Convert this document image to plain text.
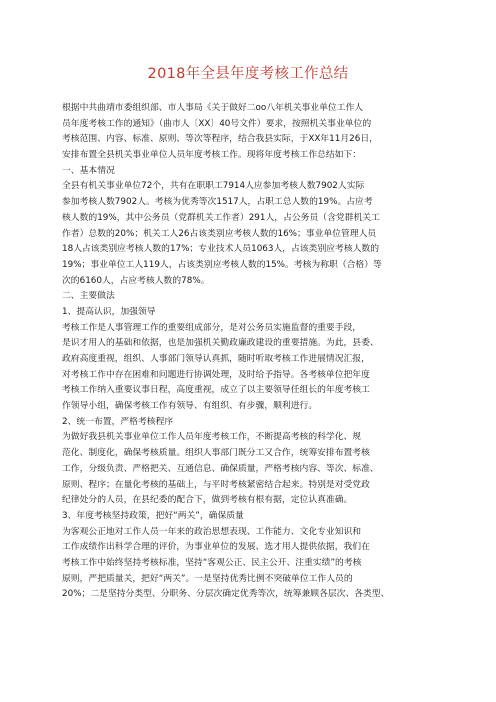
2018年全县年度考核工作总结
根据中共曲靖市委组织部、市人事局《关于做好二oo八年机关事业单位工作人
员年度考核工作的通知》（曲市人〔XX〕40号文件）要求，按照机关事业单位的
考核范围、内容、标准、原则、等次等程序，结合我县实际，于XX年11月26日，
安排布置全县机关事业单位人员年度考核工作。现将年度考核工作总结如下：
一、基本情况
全县有机关事业单位72个，共有在职职工7914人应参加考核人数7902人实际
参加考核人数7902人。考核为优秀等次1517人，占职工总人数的19%。占应考
核人数的19%，其中公务员（党群机关工作者）291人，占公务员（含党群机关工
作者）总数的20%；机关工人26占该类别应考核人数的16%；事业单位管理人员
18人占该类别应考核人数的17%；专业技术人员1063人，占该类别应考核人数的
19%；事业单位工人119人，占该类别应考核人数的15%。考核为称职（合格）等
次的6160人，占应考核人数的78%。
二、主要做法
1、提高认识，加强领导
考核工作是人事管理工作的重要组成部分，是对公务员实施监督的重要手段，
是识才用人的基础和依据，也是加强机关勤政廉政建设的重要措施。为此，县委、
政府高度重视，组织、人事部门领导认真抓，随时听取考核工作进展情况汇报，
对考核工作中存在困难和问题进行协调处理，及时给予指导。各考核单位把年度
考核工作纳入重要议事日程，高度重视，成立了以主要领导任组长的年度考核工
作领导小组，确保考核工作有领导、有组织、有步骤，顺利进行。
2、统一布置，严格考核程序
为做好我县机关事业单位工作人员年度考核工作，不断提高考核的科学化、规
范化、制度化，确保考核质量。组织人事部门既分工又合作，统筹安排布置考核
工作，分级负责、严格把关、互通信息、确保质量，严格考核内容、等次、标准、
原则、程序；在量化考核的基础上，与平时考核紧密结合起来。特别是对受党政
纪律处分的人员，在县纪委的配合下，做到考核有根有据，定位认真准确。
3、年度考核坚持政策，把好“两关”，确保质量
为客观公正地对工作人员一年来的政治思想表现、工作能力、文化专业知识和
工作成绩作出科学合理的评价，为事业单位的发展、选才用人提供依据，我们在
考核工作中始终坚持考核标准，坚持“客观公正、民主公开、注重实绩”的考核
原则，严把质量关，把好“两关”。一是坚持优秀比例不突破单位工作人员的
20%；二是坚持分类型、分职务、分层次确定优秀等次，统筹兼顾各层次、各类型、
